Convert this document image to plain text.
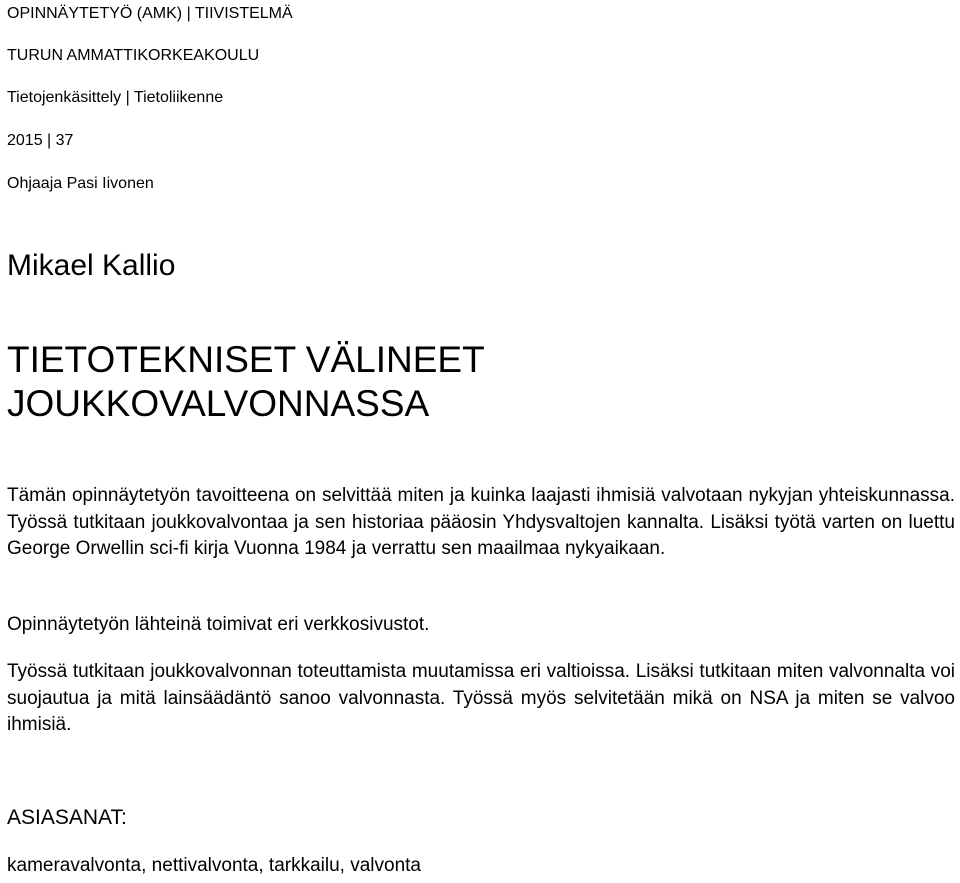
OPINNÄYTETYÖ (AMK) | TIIVISTELMÄ
TURUN AMMATTIKORKEAKOULU
Tietojenkäsittely | Tietoliikenne
2015 | 37
Ohjaaja Pasi Iivonen
Mikael Kallio
TIETOTEKNISET VÄLINEET
JOUKKOVALVONNASSA

Tämän opinnäytetyön tavoitteena on selvittää miten ja kuinka laajasti ihmisiä valvotaan nykyjan yhteiskunnassa. Työssä tutkitaan joukkovalvontaa ja sen historiaa pääosin Yhdysvaltojen kannalta. Lisäksi työtä varten on luettu George Orwellin sci-fi kirja Vuonna 1984 ja verrattu sen maailmaa nykyaikaan.

Opinnäytetyön lähteinä toimivat eri verkkosivustot.

Työssä tutkitaan joukkovalvonnan toteuttamista muutamissa eri valtioissa. Lisäksi tutkitaan miten valvonnalta voi suojautua ja mitä lainsäädäntö sanoo valvonnasta. Työssä myös selvitetään mikä on NSA ja miten se valvoo ihmisiä.

ASIASANAT:
kameravalvonta, nettivalvonta, tarkkailu, valvonta
